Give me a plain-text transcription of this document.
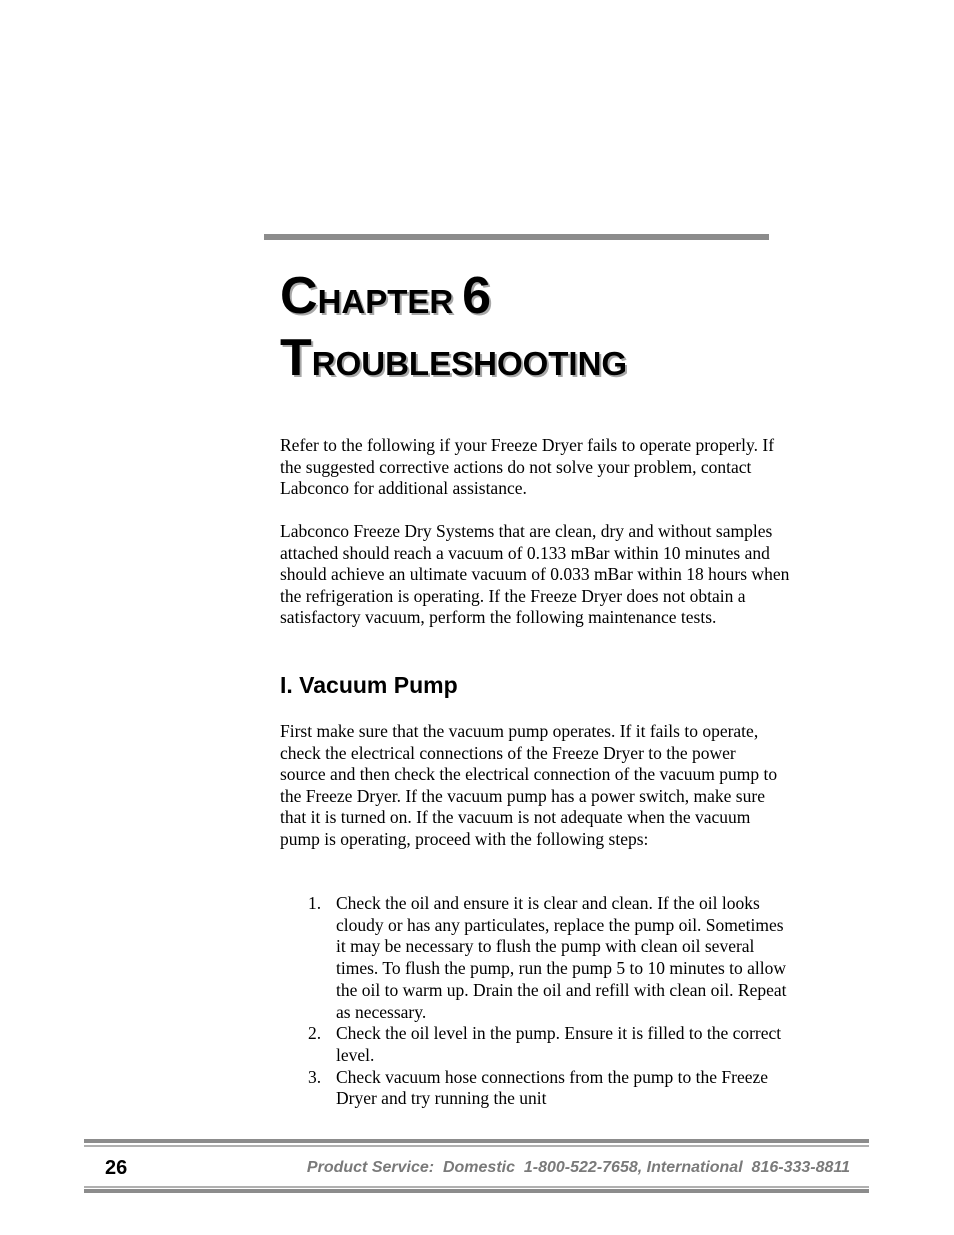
CHAPTER 6
TROUBLESHOOTING

Refer to the following if your Freeze Dryer fails to operate properly. If the suggested corrective actions do not solve your problem, contact Labconco for additional assistance.

Labconco Freeze Dry Systems that are clean, dry and without samples attached should reach a vacuum of 0.133 mBar within 10 minutes and should achieve an ultimate vacuum of 0.033 mBar within 18 hours when the refrigeration is operating. If the Freeze Dryer does not obtain a satisfactory vacuum, perform the following maintenance tests.

I. Vacuum Pump

First make sure that the vacuum pump operates. If it fails to operate, check the electrical connections of the Freeze Dryer to the power source and then check the electrical connection of the vacuum pump to the Freeze Dryer. If the vacuum pump has a power switch, make sure that it is turned on. If the vacuum is not adequate when the vacuum pump is operating, proceed with the following steps:

1. Check the oil and ensure it is clear and clean. If the oil looks cloudy or has any particulates, replace the pump oil. Sometimes it may be necessary to flush the pump with clean oil several times. To flush the pump, run the pump 5 to 10 minutes to allow the oil to warm up. Drain the oil and refill with clean oil. Repeat as necessary.
2. Check the oil level in the pump. Ensure it is filled to the correct level.
3. Check vacuum hose connections from the pump to the Freeze Dryer and try running the unit
26	Product Service:  Domestic  1-800-522-7658, International  816-333-8811
